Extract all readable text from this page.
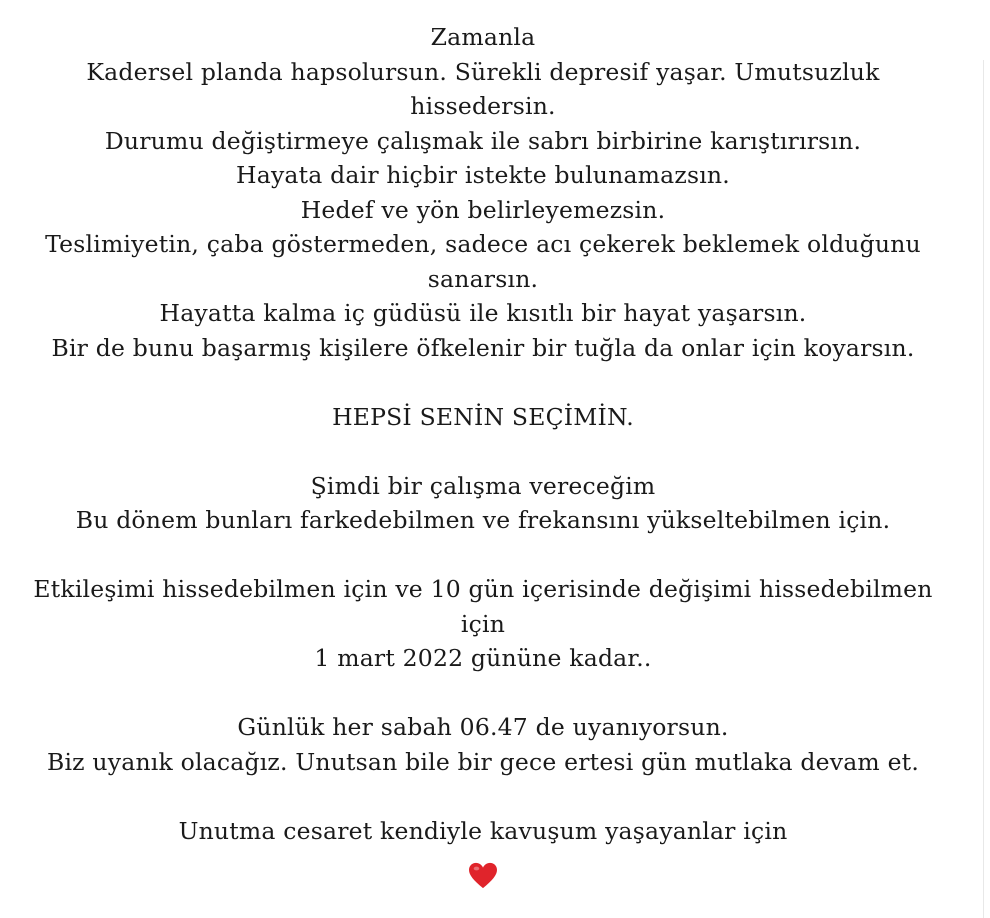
Zamanla
Kadersel planda hapsolursun. Sürekli depresif yaşar. Umutsuzluk hissedersin.
Durumu değiştirmeye çalışmak ile sabrı birbirine karıştırırsın.
Hayata dair hiçbir istekte bulunamazsın.
Hedef ve yön belirleyemezsin.
Teslimiyetin, çaba göstermeden, sadece acı çekerek beklemek olduğunu sanarsın.
Hayatta kalma iç güdüsü ile kısıtlı bir hayat yaşarsın.
Bir de bunu başarmış kişilere öfkelenir bir tuğla da onlar için koyarsın.
HEPSİ SENİN SEÇİMİN.
Şimdi bir çalışma vereceğim
Bu dönem bunları farkedebilmen ve frekansını yükseltebilmen için.
Etkileşimi hissedebilmen için ve 10 gün içerisinde değişimi hissedebilmen için
1 mart 2022 gününe kadar..
Günlük her sabah 06.47 de uyanıyorsun.
Biz uyanık olacağız. Unutsan bile bir gece ertesi gün mutlaka devam et.
Unutma cesaret kendiyle kavuşum yaşayanlar için
